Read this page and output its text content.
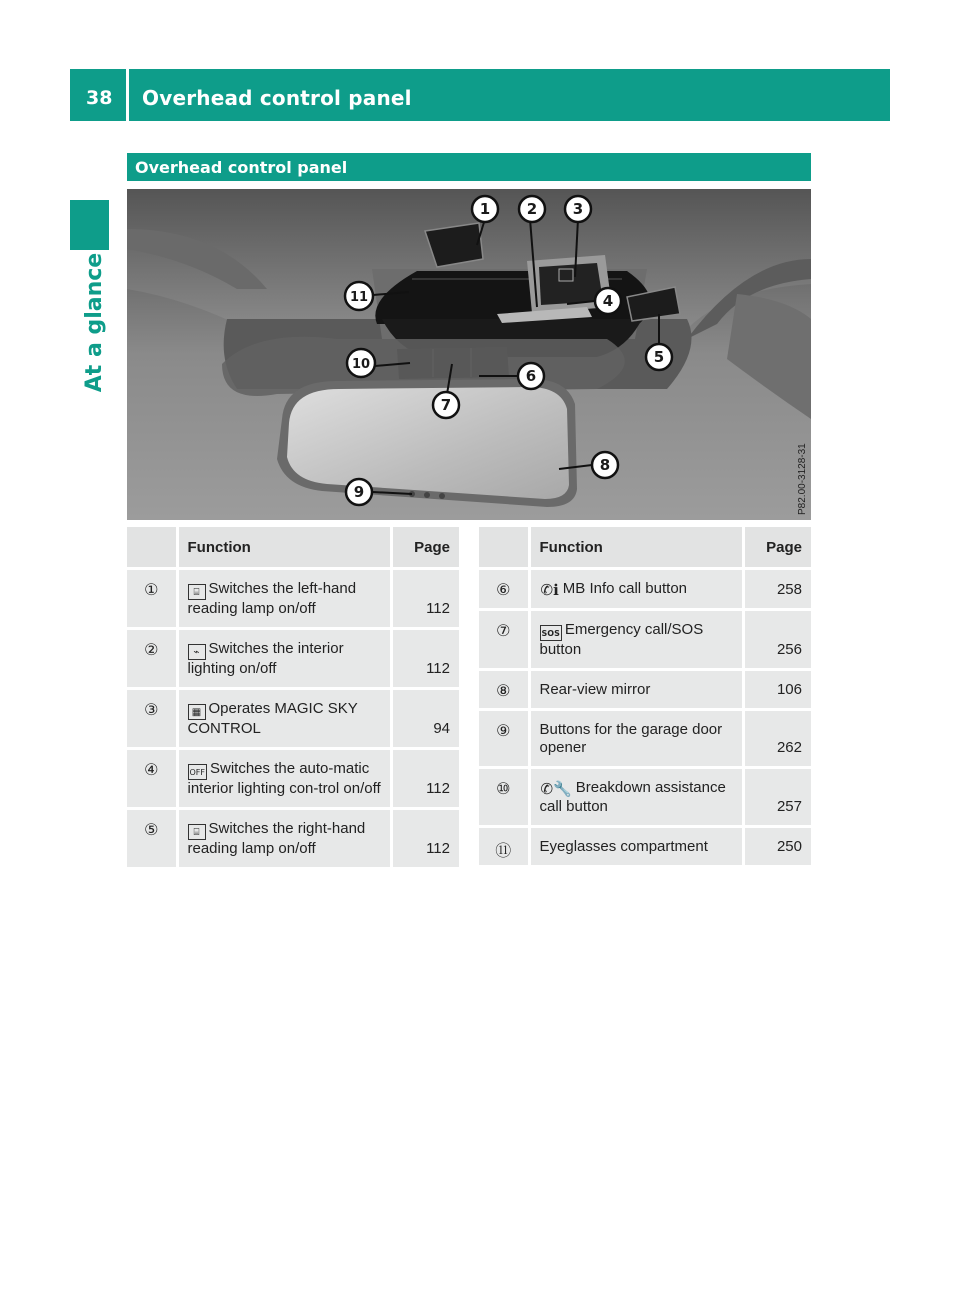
38 Overhead control panel
At a glance
Overhead control panel
1 2 3
4
5
6
7
8
9
10
11
P82.00-3128-31
	Function	Page
①	⌸ Switches the left-hand reading lamp on/off	112
②	⌁ Switches the interior lighting on/off	112
③	▦ Operates MAGIC SKY CONTROL	94
④	OFF Switches the auto-matic interior lighting con-trol on/off	112
⑤	⌸ Switches the right-hand reading lamp on/off	112
	Function	Page
⑥	✆ℹ MB Info call button	258
⑦	SOS Emergency call/SOS button	256
⑧	Rear-view mirror	106
⑨	Buttons for the garage door opener	262
⑩	✆🔧 Breakdown assistance call button	257
⑪	Eyeglasses compartment	250
